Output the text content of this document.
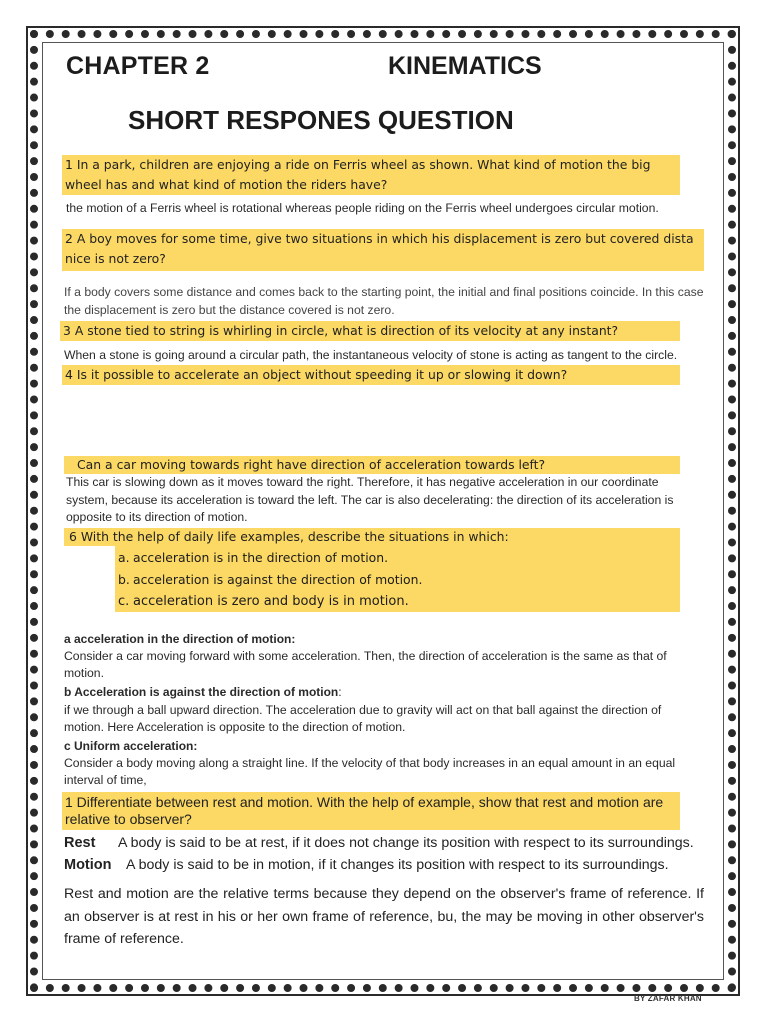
CHAPTER 2	KINEMATICS
SHORT RESPONES QUESTION
1 In a park, children are enjoying a ride on Ferris wheel as shown. What kind of motion the big wheel has and what kind of motion the riders have?
the motion of a Ferris wheel is rotational whereas people riding on the Ferris wheel undergoes circular motion.
2 A boy moves for some time, give two situations in which his displacement is zero but covered dista
nice is not zero?
If a body covers some distance and comes back to the starting point, the initial and final positions coincide. In this case the displacement is zero but the distance covered is not zero.
3 A stone tied to string is whirling in circle, what is direction of its velocity at any instant?
When a stone is going around a circular path, the instantaneous velocity of stone is acting as tangent to the circle.
4 Is it possible to accelerate an object without speeding it up or slowing it down?
Can a car moving towards right have direction of acceleration towards left?
This car is slowing down as it moves toward the right. Therefore, it has negative acceleration in our coordinate system, because its acceleration is toward the left. The car is also decelerating: the direction of its acceleration is opposite to its direction of motion.
6 With the help of daily life examples, describe the situations in which:
a. acceleration is in the direction of motion.
b. acceleration is against the direction of motion.
c. acceleration is zero and body is in motion.
a acceleration in the direction of motion:
Consider a car moving forward with some acceleration. Then, the direction of acceleration is the same as that of motion.
b Acceleration is against the direction of motion:
if we through a ball upward direction. The acceleration due to gravity will act on that ball against the direction of motion. Here Acceleration is opposite to the direction of motion.
c Uniform acceleration:
Consider a body moving along a straight line. If the velocity of that body increases in an equal amount in an equal interval of time,
1 Differentiate between rest and motion. With the help of example, show that rest and motion are relative to observer?
Rest A body is said to be at rest, if it does not change its position with respect to its surroundings.
Motion A body is said to be in motion, if it changes its position with respect to its surroundings.
Rest and motion are the relative terms because they depend on the observer's frame of reference. If an observer is at rest in his or her own frame of reference, bu, the may be moving in other observer's frame of reference.
BY ZAFAR KHAN
